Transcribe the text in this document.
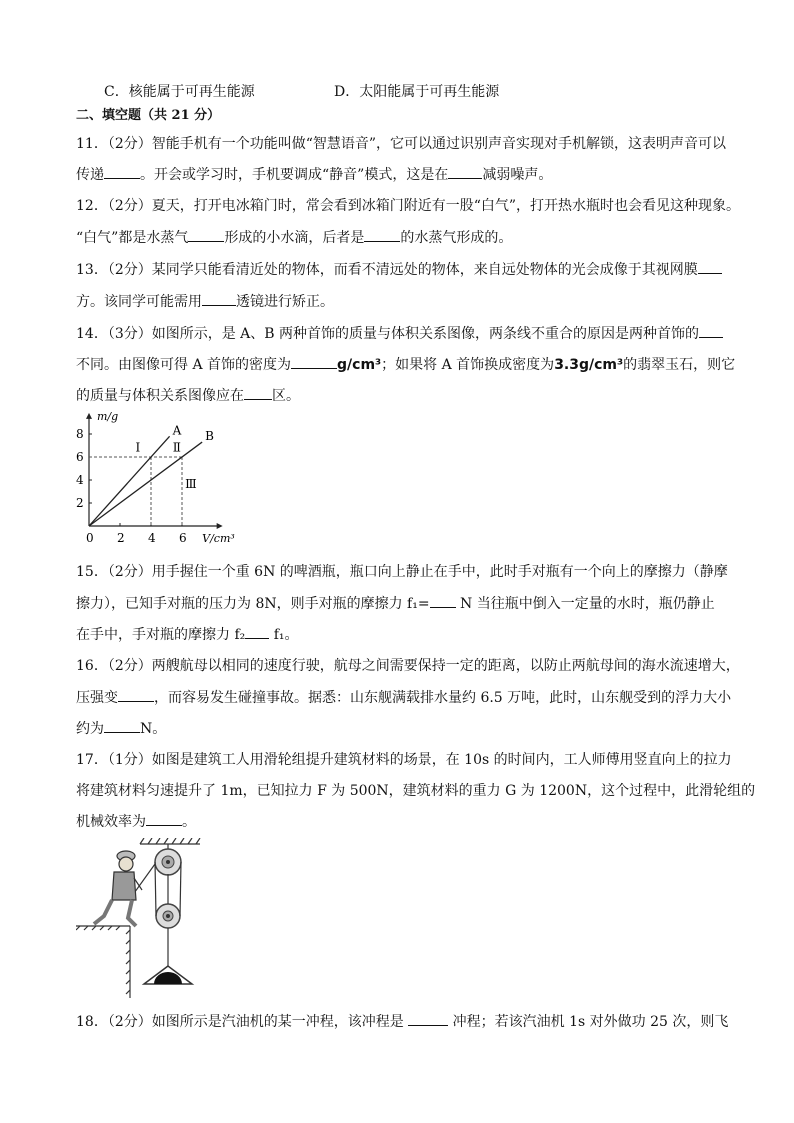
C．核能属于可再生能源	D．太阳能属于可再生能源
二、填空题（共 21 分）
11．（2分）智能手机有一个功能叫做“智慧语音”，它可以通过识别声音实现对手机解锁，这表明声音可以
传递	。开会或学习时，手机要调成“静音”模式，这是在 减弱噪声。
12．（2分）夏天，打开电冰箱门时，常会看到冰箱门附近有一股“白气”，打开热水瓶时也会看见这种现象。
“白气”都是水蒸气	形成的小水滴，后者是	的水蒸气形成的。
13．（2分）某同学只能看清近处的物体，而看不清远处的物体，来自远处物体的光会成像于其视网膜
方。该同学可能需用 透镜进行矫正。
14．（3分）如图所示，是 A、B 两种首饰的质量与体积关系图像，两条线不重合的原因是两种首饰的
不同。由图像可得 A 首饰的密度为	g/cm³；如果将 A 首饰换成密度为3.3g/cm³的翡翠玉石，则它
的质量与体积关系图像应在 区。
m/g
V/cm³
0 2 4 6
2
4
6
8	A B
Ⅰ	Ⅱ
Ⅲ
15．（2分）用手握住一个重 6N 的啤酒瓶，瓶口向上静止在手中，此时手对瓶有一个向上的摩擦力（静摩
擦力），已知手对瓶的压力为 8N，则手对瓶的摩擦力 f₁= N 当往瓶中倒入一定量的水时，瓶仍静止
在手中，手对瓶的摩擦力 f₂ f₁。
16．（2分）两艘航母以相同的速度行驶，航母之间需要保持一定的距离，以防止两航母间的海水流速增大，
压强变	，而容易发生碰撞事故。据悉：山东舰满载排水量约 6.5 万吨，此时，山东舰受到的浮力大小
约为	N。
17．（1分）如图是建筑工人用滑轮组提升建筑材料的场景，在 10s 的时间内，工人师傅用竖直向上的拉力
将建筑材料匀速提升了 1m，已知拉力 F 为 500N，建筑材料的重力 G 为 1200N，这个过程中，此滑轮组的
机械效率为	。
18．（2分）如图所示是汽油机的某一冲程，该冲程是	冲程；若该汽油机 1s 对外做功 25 次，则飞
